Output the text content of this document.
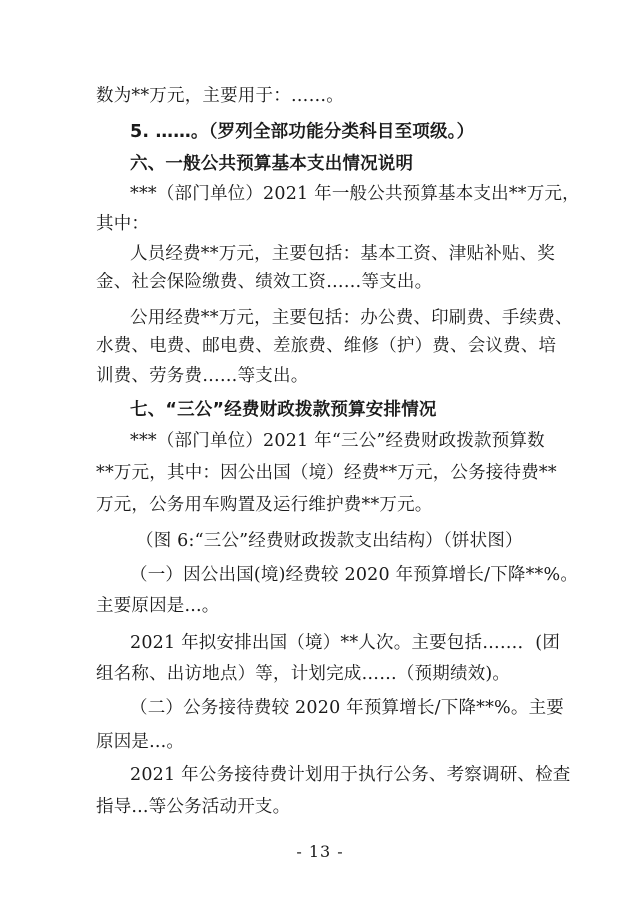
数为**万元，主要用于：……。
5. ……。（罗列全部功能分类科目至项级。）
六、一般公共预算基本支出情况说明
***（部门单位）2021 年一般公共预算基本支出**万元，
其中：
人员经费**万元，主要包括：基本工资、津贴补贴、奖
金、社会保险缴费、绩效工资……等支出。
公用经费**万元，主要包括：办公费、印刷费、手续费、
水费、电费、邮电费、差旅费、维修（护）费、会议费、培
训费、劳务费……等支出。
七、“三公”经费财政拨款预算安排情况
***（部门单位）2021 年“三公”经费财政拨款预算数
**万元，其中：因公出国（境）经费**万元，公务接待费**
万元，公务用车购置及运行维护费**万元。
（图 6:“三公”经费财政拨款支出结构）（饼状图）
（一）因公出国(境)经费较 2020 年预算增长/下降**%。
主要原因是...。
2021 年拟安排出国（境）**人次。主要包括……．(团
组名称、出访地点）等，计划完成……（预期绩效)。
（二）公务接待费较 2020 年预算增长/下降**%。主要
原因是...。
2021 年公务接待费计划用于执行公务、考察调研、检查
指导...等公务活动开支。
- 13 -
